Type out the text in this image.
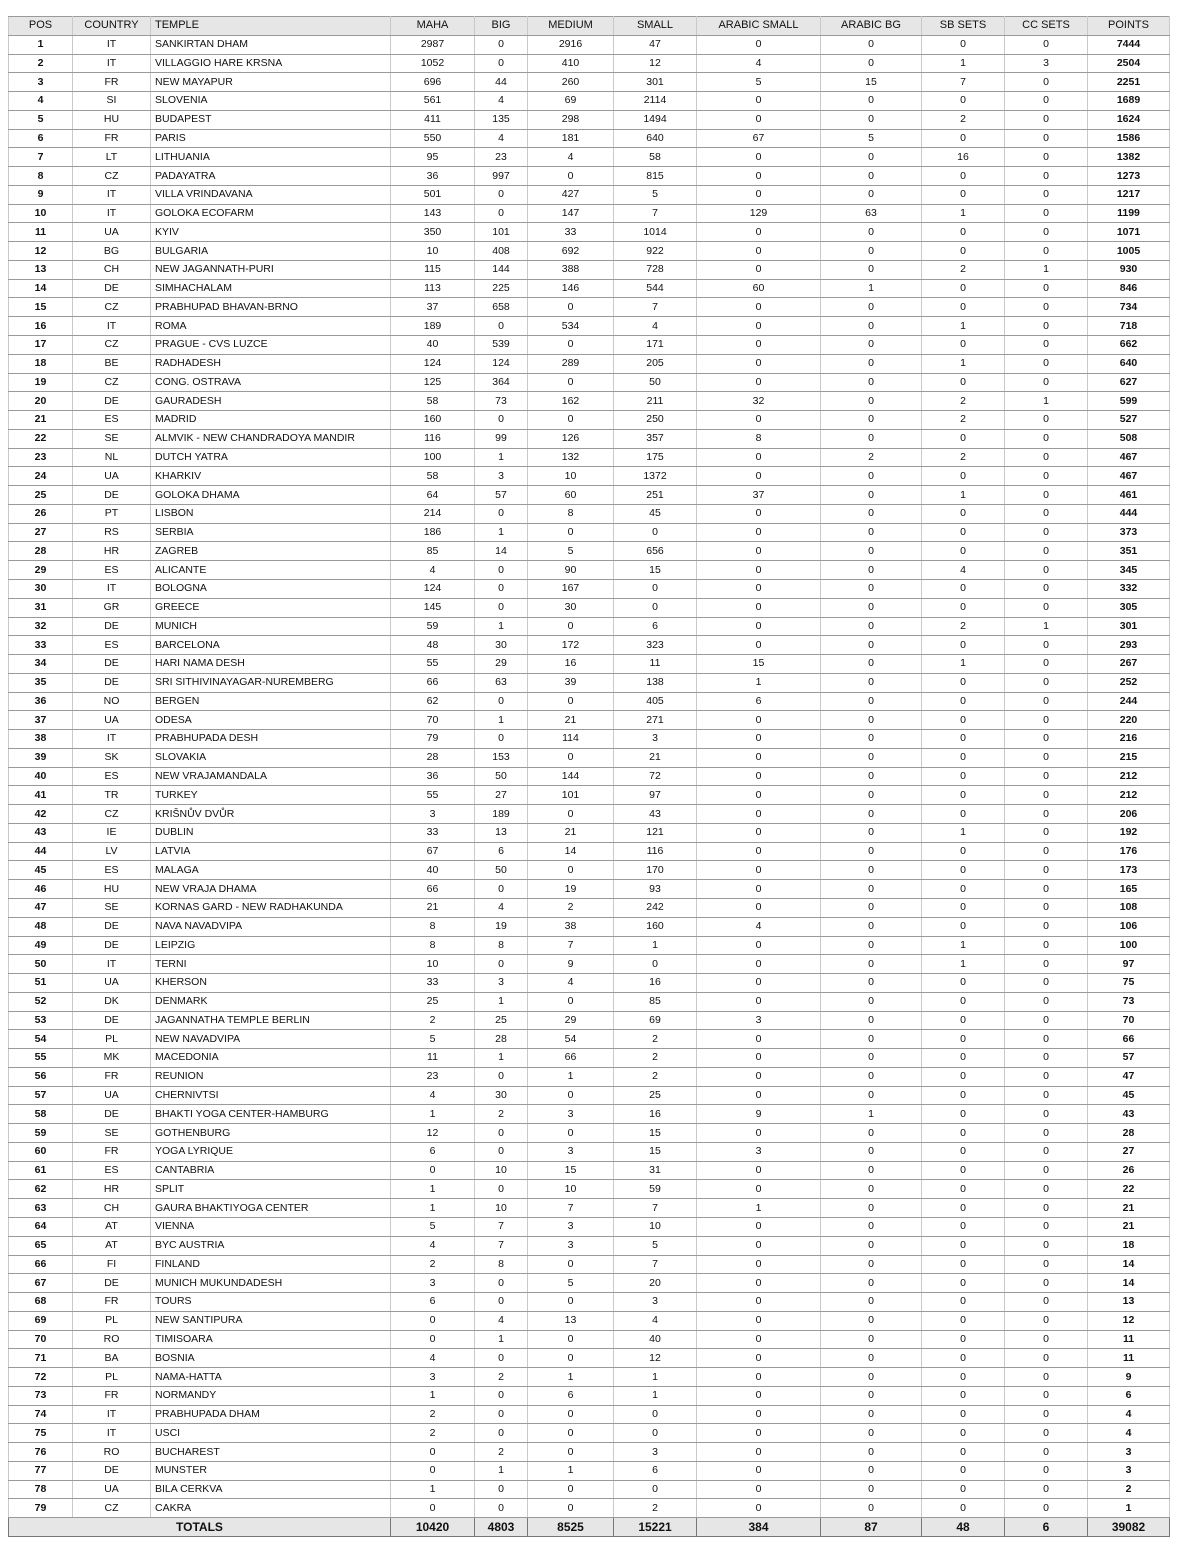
POS	COUNTRY	TEMPLE	MAHA	BIG	MEDIUM	SMALL	ARABIC SMALL	ARABIC BG	SB SETS	CC SETS	POINTS
1	IT	SANKIRTAN DHAM	2987	0	2916	47	0	0	0	0	7444
2	IT	VILLAGGIO HARE KRSNA	1052	0	410	12	4	0	1	3	2504
3	FR	NEW MAYAPUR	696	44	260	301	5	15	7	0	2251
4	SI	SLOVENIA	561	4	69	2114	0	0	0	0	1689
5	HU	BUDAPEST	411	135	298	1494	0	0	2	0	1624
6	FR	PARIS	550	4	181	640	67	5	0	0	1586
7	LT	LITHUANIA	95	23	4	58	0	0	16	0	1382
8	CZ	PADAYATRA	36	997	0	815	0	0	0	0	1273
9	IT	VILLA VRINDAVANA	501	0	427	5	0	0	0	0	1217
10	IT	GOLOKA ECOFARM	143	0	147	7	129	63	1	0	1199
11	UA	KYIV	350	101	33	1014	0	0	0	0	1071
12	BG	BULGARIA	10	408	692	922	0	0	0	0	1005
13	CH	NEW JAGANNATH-PURI	115	144	388	728	0	0	2	1	930
14	DE	SIMHACHALAM	113	225	146	544	60	1	0	0	846
15	CZ	PRABHUPAD BHAVAN-BRNO	37	658	0	7	0	0	0	0	734
16	IT	ROMA	189	0	534	4	0	0	1	0	718
17	CZ	PRAGUE - CVS LUZCE	40	539	0	171	0	0	0	0	662
18	BE	RADHADESH	124	124	289	205	0	0	1	0	640
19	CZ	CONG. OSTRAVA	125	364	0	50	0	0	0	0	627
20	DE	GAURADESH	58	73	162	211	32	0	2	1	599
21	ES	MADRID	160	0	0	250	0	0	2	0	527
22	SE	ALMVIK - NEW CHANDRADOYA MANDIR	116	99	126	357	8	0	0	0	508
23	NL	DUTCH YATRA	100	1	132	175	0	2	2	0	467
24	UA	KHARKIV	58	3	10	1372	0	0	0	0	467
25	DE	GOLOKA DHAMA	64	57	60	251	37	0	1	0	461
26	PT	LISBON	214	0	8	45	0	0	0	0	444
27	RS	SERBIA	186	1	0	0	0	0	0	0	373
28	HR	ZAGREB	85	14	5	656	0	0	0	0	351
29	ES	ALICANTE	4	0	90	15	0	0	4	0	345
30	IT	BOLOGNA	124	0	167	0	0	0	0	0	332
31	GR	GREECE	145	0	30	0	0	0	0	0	305
32	DE	MUNICH	59	1	0	6	0	0	2	1	301
33	ES	BARCELONA	48	30	172	323	0	0	0	0	293
34	DE	HARI NAMA DESH	55	29	16	11	15	0	1	0	267
35	DE	SRI SITHIVINAYAGAR-NUREMBERG	66	63	39	138	1	0	0	0	252
36	NO	BERGEN	62	0	0	405	6	0	0	0	244
37	UA	ODESA	70	1	21	271	0	0	0	0	220
38	IT	PRABHUPADA DESH	79	0	114	3	0	0	0	0	216
39	SK	SLOVAKIA	28	153	0	21	0	0	0	0	215
40	ES	NEW VRAJAMANDALA	36	50	144	72	0	0	0	0	212
41	TR	TURKEY	55	27	101	97	0	0	0	0	212
42	CZ	KRIŠNŮV DVŮR	3	189	0	43	0	0	0	0	206
43	IE	DUBLIN	33	13	21	121	0	0	1	0	192
44	LV	LATVIA	67	6	14	116	0	0	0	0	176
45	ES	MALAGA	40	50	0	170	0	0	0	0	173
46	HU	NEW VRAJA DHAMA	66	0	19	93	0	0	0	0	165
47	SE	KORNAS GARD - NEW RADHAKUNDA	21	4	2	242	0	0	0	0	108
48	DE	NAVA NAVADVIPA	8	19	38	160	4	0	0	0	106
49	DE	LEIPZIG	8	8	7	1	0	0	1	0	100
50	IT	TERNI	10	0	9	0	0	0	1	0	97
51	UA	KHERSON	33	3	4	16	0	0	0	0	75
52	DK	DENMARK	25	1	0	85	0	0	0	0	73
53	DE	JAGANNATHA TEMPLE BERLIN	2	25	29	69	3	0	0	0	70
54	PL	NEW NAVADVIPA	5	28	54	2	0	0	0	0	66
55	MK	MACEDONIA	11	1	66	2	0	0	0	0	57
56	FR	REUNION	23	0	1	2	0	0	0	0	47
57	UA	CHERNIVTSI	4	30	0	25	0	0	0	0	45
58	DE	BHAKTI YOGA CENTER-HAMBURG	1	2	3	16	9	1	0	0	43
59	SE	GOTHENBURG	12	0	0	15	0	0	0	0	28
60	FR	YOGA LYRIQUE	6	0	3	15	3	0	0	0	27
61	ES	CANTABRIA	0	10	15	31	0	0	0	0	26
62	HR	SPLIT	1	0	10	59	0	0	0	0	22
63	CH	GAURA BHAKTIYOGA CENTER	1	10	7	7	1	0	0	0	21
64	AT	VIENNA	5	7	3	10	0	0	0	0	21
65	AT	BYC AUSTRIA	4	7	3	5	0	0	0	0	18
66	FI	FINLAND	2	8	0	7	0	0	0	0	14
67	DE	MUNICH MUKUNDADESH	3	0	5	20	0	0	0	0	14
68	FR	TOURS	6	0	0	3	0	0	0	0	13
69	PL	NEW SANTIPURA	0	4	13	4	0	0	0	0	12
70	RO	TIMISOARA	0	1	0	40	0	0	0	0	11
71	BA	BOSNIA	4	0	0	12	0	0	0	0	11
72	PL	NAMA-HATTA	3	2	1	1	0	0	0	0	9
73	FR	NORMANDY	1	0	6	1	0	0	0	0	6
74	IT	PRABHUPADA DHAM	2	0	0	0	0	0	0	0	4
75	IT	USCI	2	0	0	0	0	0	0	0	4
76	RO	BUCHAREST	0	2	0	3	0	0	0	0	3
77	DE	MUNSTER	0	1	1	6	0	0	0	0	3
78	UA	BILA CERKVA	1	0	0	0	0	0	0	0	2
79	CZ	CAKRA	0	0	0	2	0	0	0	0	1
TOTALS			10420	4803	8525	15221	384	87	48	6	39082
